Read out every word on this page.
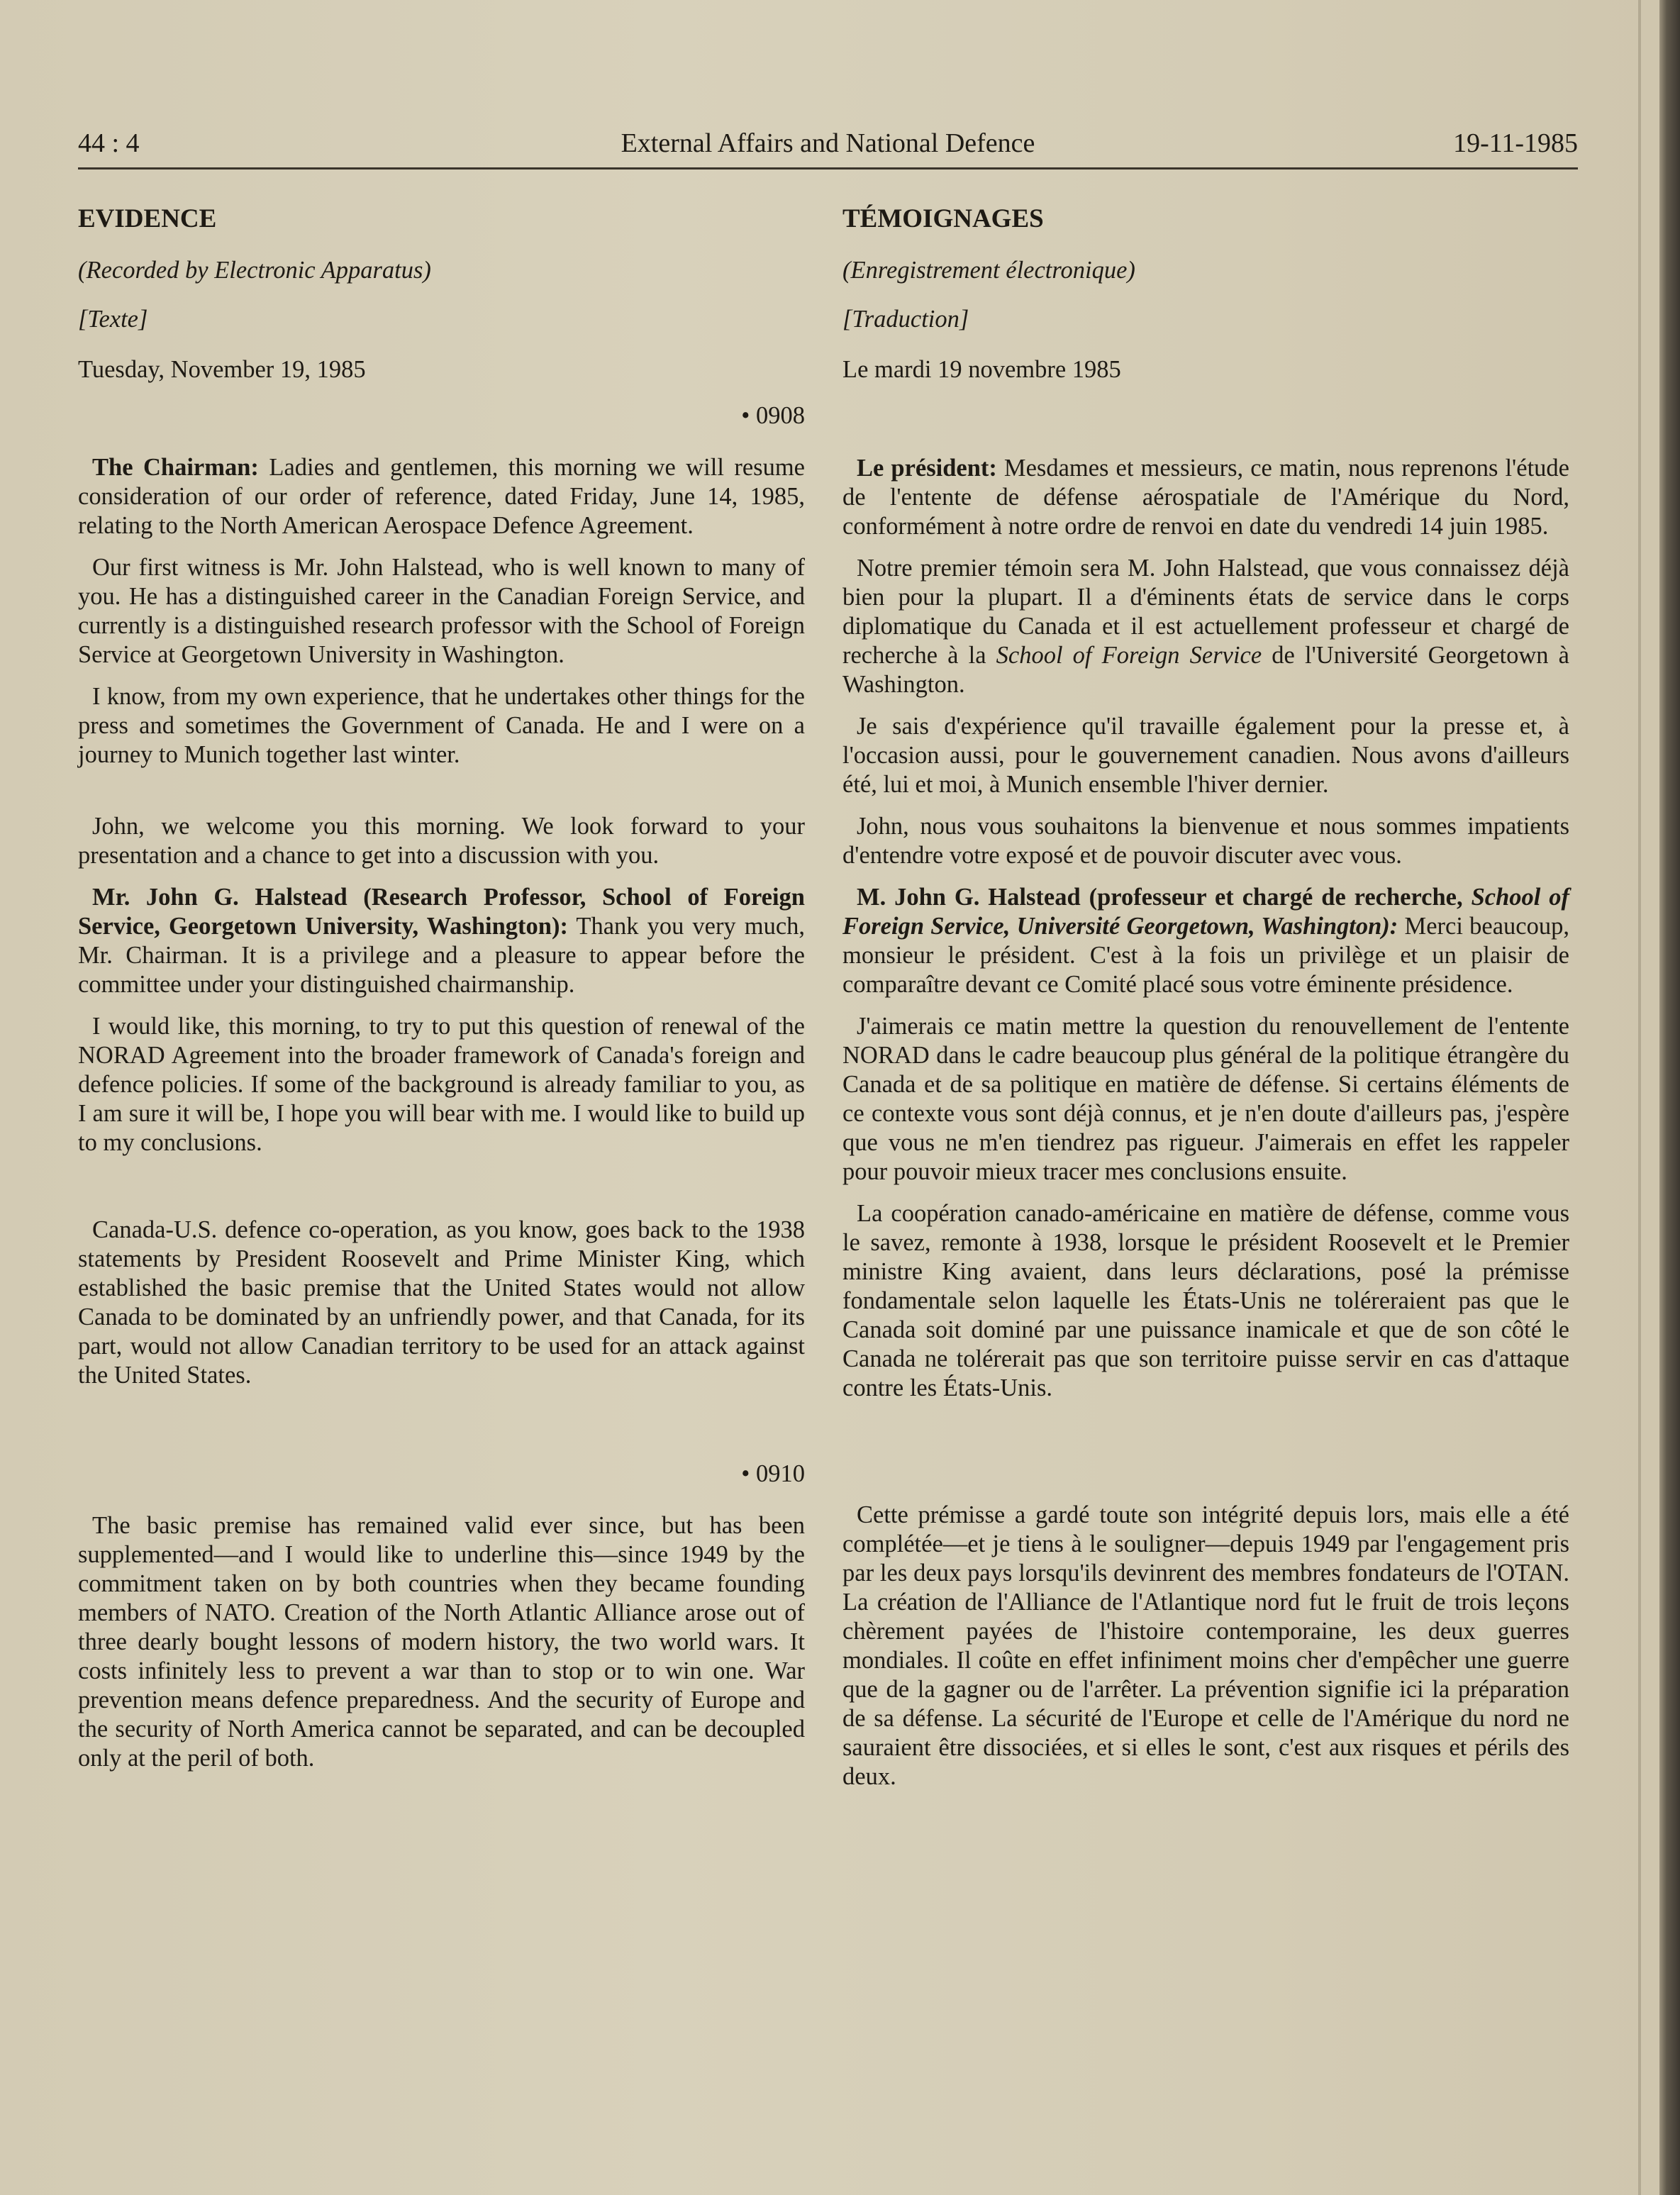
44 : 4	External Affairs and National Defence	19-11-1985
EVIDENCE
(Recorded by Electronic Apparatus)
[Texte]
Tuesday, November 19, 1985
• 0908

The Chairman: Ladies and gentlemen, this morning we will resume consideration of our order of reference, dated Friday, June 14, 1985, relating to the North American Aerospace Defence Agreement.

Our first witness is Mr. John Halstead, who is well known to many of you. He has a distinguished career in the Canadian Foreign Service, and currently is a distinguished research professor with the School of Foreign Service at Georgetown University in Washington.

I know, from my own experience, that he undertakes other things for the press and sometimes the Government of Canada. He and I were on a journey to Munich together last winter.

John, we welcome you this morning. We look forward to your presentation and a chance to get into a discussion with you.

Mr. John G. Halstead (Research Professor, School of Foreign Service, Georgetown University, Washington): Thank you very much, Mr. Chairman. It is a privilege and a pleasure to appear before the committee under your distinguished chairmanship.

I would like, this morning, to try to put this question of renewal of the NORAD Agreement into the broader framework of Canada's foreign and defence policies. If some of the background is already familiar to you, as I am sure it will be, I hope you will bear with me. I would like to build up to my conclusions.

Canada-U.S. defence co-operation, as you know, goes back to the 1938 statements by President Roosevelt and Prime Minister King, which established the basic premise that the United States would not allow Canada to be dominated by an unfriendly power, and that Canada, for its part, would not allow Canadian territory to be used for an attack against the United States.

• 0910

The basic premise has remained valid ever since, but has been supplemented—and I would like to underline this—since 1949 by the commitment taken on by both countries when they became founding members of NATO. Creation of the North Atlantic Alliance arose out of three dearly bought lessons of modern history, the two world wars. It costs infinitely less to prevent a war than to stop or to win one. War prevention means defence preparedness. And the security of Europe and the security of North America cannot be separated, and can be decoupled only at the peril of both.

TÉMOIGNAGES
(Enregistrement électronique)
[Traduction]
Le mardi 19 novembre 1985

Le président: Mesdames et messieurs, ce matin, nous reprenons l'étude de l'entente de défense aérospatiale de l'Amérique du Nord, conformément à notre ordre de renvoi en date du vendredi 14 juin 1985.

Notre premier témoin sera M. John Halstead, que vous connaissez déjà bien pour la plupart. Il a d'éminents états de service dans le corps diplomatique du Canada et il est actuellement professeur et chargé de recherche à la School of Foreign Service de l'Université Georgetown à Washington.

Je sais d'expérience qu'il travaille également pour la presse et, à l'occasion aussi, pour le gouvernement canadien. Nous avons d'ailleurs été, lui et moi, à Munich ensemble l'hiver dernier.

John, nous vous souhaitons la bienvenue et nous sommes impatients d'entendre votre exposé et de pouvoir discuter avec vous.

M. John G. Halstead (professeur et chargé de recherche, School of Foreign Service, Université Georgetown, Washington): Merci beaucoup, monsieur le président. C'est à la fois un privilège et un plaisir de comparaître devant ce Comité placé sous votre éminente présidence.

J'aimerais ce matin mettre la question du renouvellement de l'entente NORAD dans le cadre beaucoup plus général de la politique étrangère du Canada et de sa politique en matière de défense. Si certains éléments de ce contexte vous sont déjà connus, et je n'en doute d'ailleurs pas, j'espère que vous ne m'en tiendrez pas rigueur. J'aimerais en effet les rappeler pour pouvoir mieux tracer mes conclusions ensuite.

La coopération canado-américaine en matière de défense, comme vous le savez, remonte à 1938, lorsque le président Roosevelt et le Premier ministre King avaient, dans leurs déclarations, posé la prémisse fondamentale selon laquelle les États-Unis ne toléreraient pas que le Canada soit dominé par une puissance inamicale et que de son côté le Canada ne tolérerait pas que son territoire puisse servir en cas d'attaque contre les États-Unis.

Cette prémisse a gardé toute son intégrité depuis lors, mais elle a été complétée—et je tiens à le souligner—depuis 1949 par l'engagement pris par les deux pays lorsqu'ils devinrent des membres fondateurs de l'OTAN. La création de l'Alliance de l'Atlantique nord fut le fruit de trois leçons chèrement payées de l'histoire contemporaine, les deux guerres mondiales. Il coûte en effet infiniment moins cher d'empêcher une guerre que de la gagner ou de l'arrêter. La prévention signifie ici la préparation de sa défense. La sécurité de l'Europe et celle de l'Amérique du nord ne sauraient être dissociées, et si elles le sont, c'est aux risques et périls des deux.
